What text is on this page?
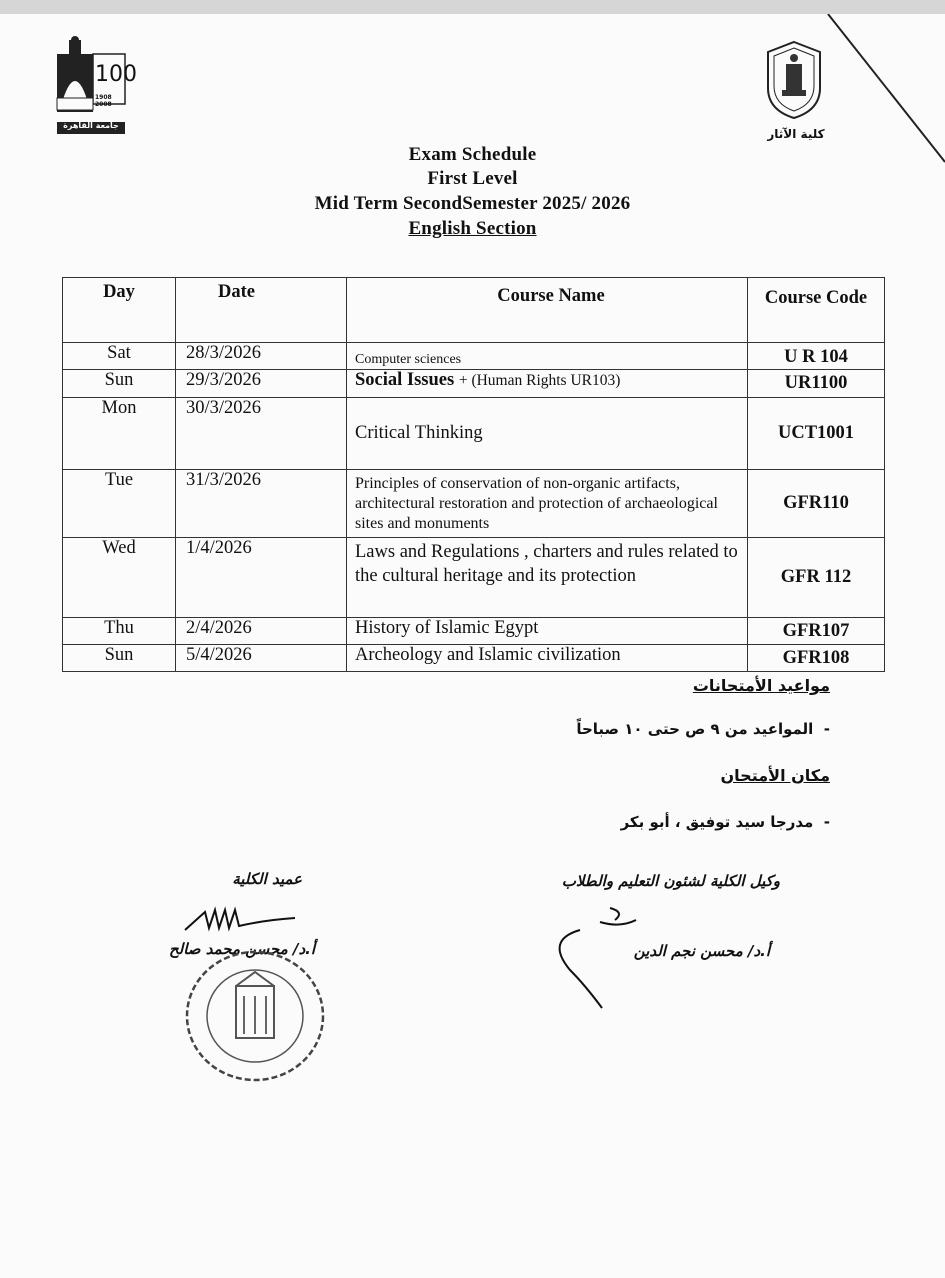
100
1908 2008
جامعة القاهرة
كلية الآثار
Exam Schedule
First Level
Mid Term SecondSemester 2025/ 2026
English Section
Day	Date	Course Name	Course Code
Sat	28/3/2026	Computer sciences	U R 104
Sun	29/3/2026	Social Issues + (Human Rights UR103)	UR1100
Mon	30/3/2026	Critical Thinking	UCT1001
Tue	31/3/2026	Principles of conservation of non-organic artifacts, architectural restoration and protection of archaeological sites and monuments	GFR110
Wed	1/4/2026	Laws and Regulations , charters and rules related to the cultural heritage and its protection	GFR 112
Thu	2/4/2026	History of Islamic Egypt	GFR107
Sun	5/4/2026	Archeology and Islamic civilization	GFR108
مواعيد الأمتحانات
-  المواعيد من ٩ ص حتى ١٠ صباحاً
مكان الأمتحان
-  مدرجا سيد توفيق ، أبو بكر
وكيل الكلية لشئون التعليم والطلاب
أ.د/ محسن نجم الدين
عميد الكلية
أ.د/ محسن محمد صالح
